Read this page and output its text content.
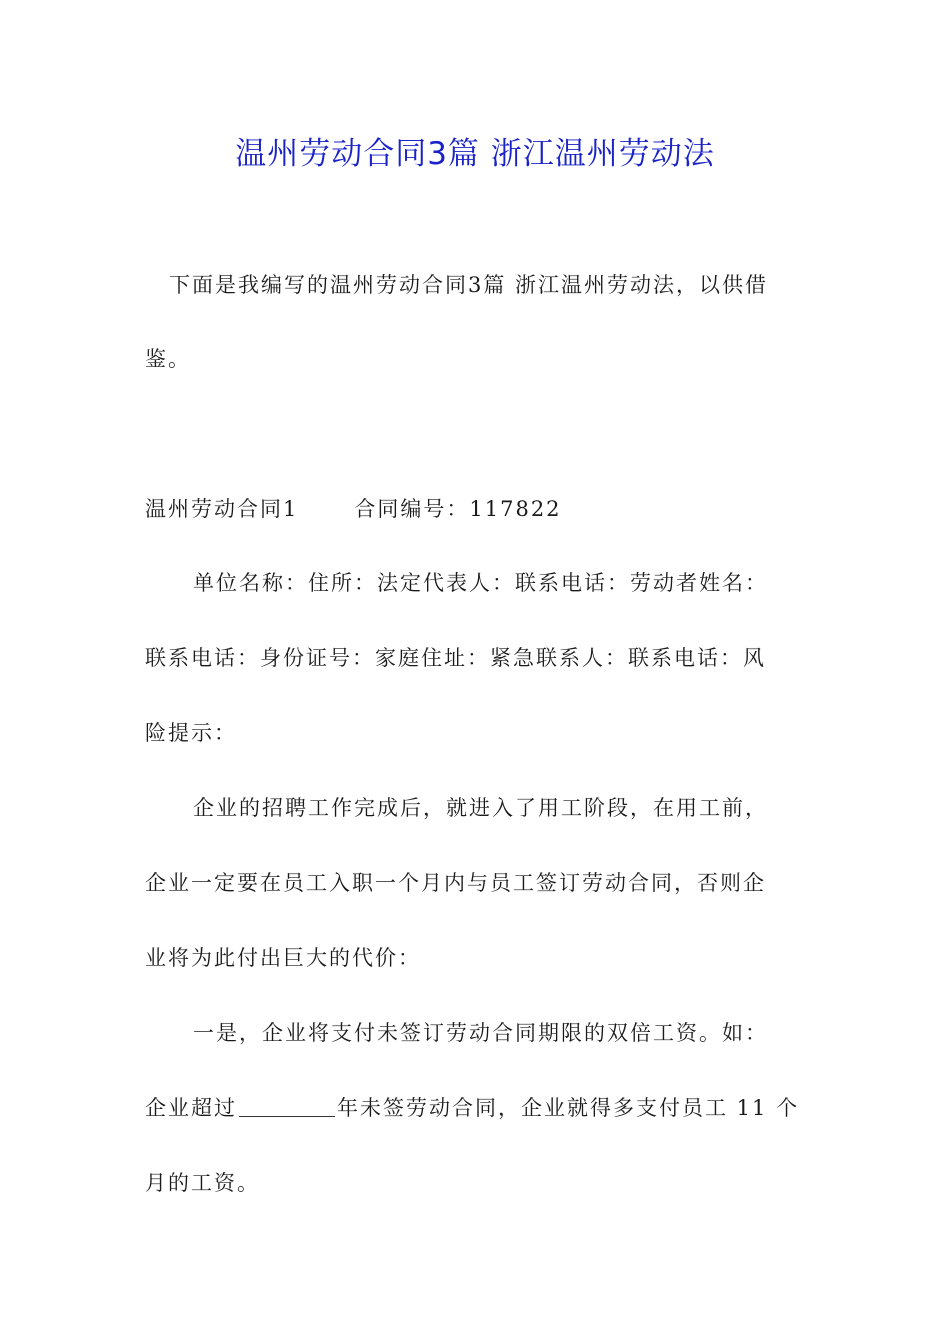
温州劳动合同3篇 浙江温州劳动法
下面是我编写的温州劳动合同3篇 浙江温州劳动法，以供借
鉴。
温州劳动合同1	合同编号：117822
单位名称：住所：法定代表人：联系电话：劳动者姓名：
联系电话：身份证号：家庭住址：紧急联系人：联系电话：风
险提示：
企业的招聘工作完成后，就进入了用工阶段，在用工前，
企业一定要在员工入职一个月内与员工签订劳动合同，否则企
业将为此付出巨大的代价：
一是，企业将支付未签订劳动合同期限的双倍工资。如：
企业超过	年未签劳动合同，企业就得多支付员工 11 个
月的工资。
